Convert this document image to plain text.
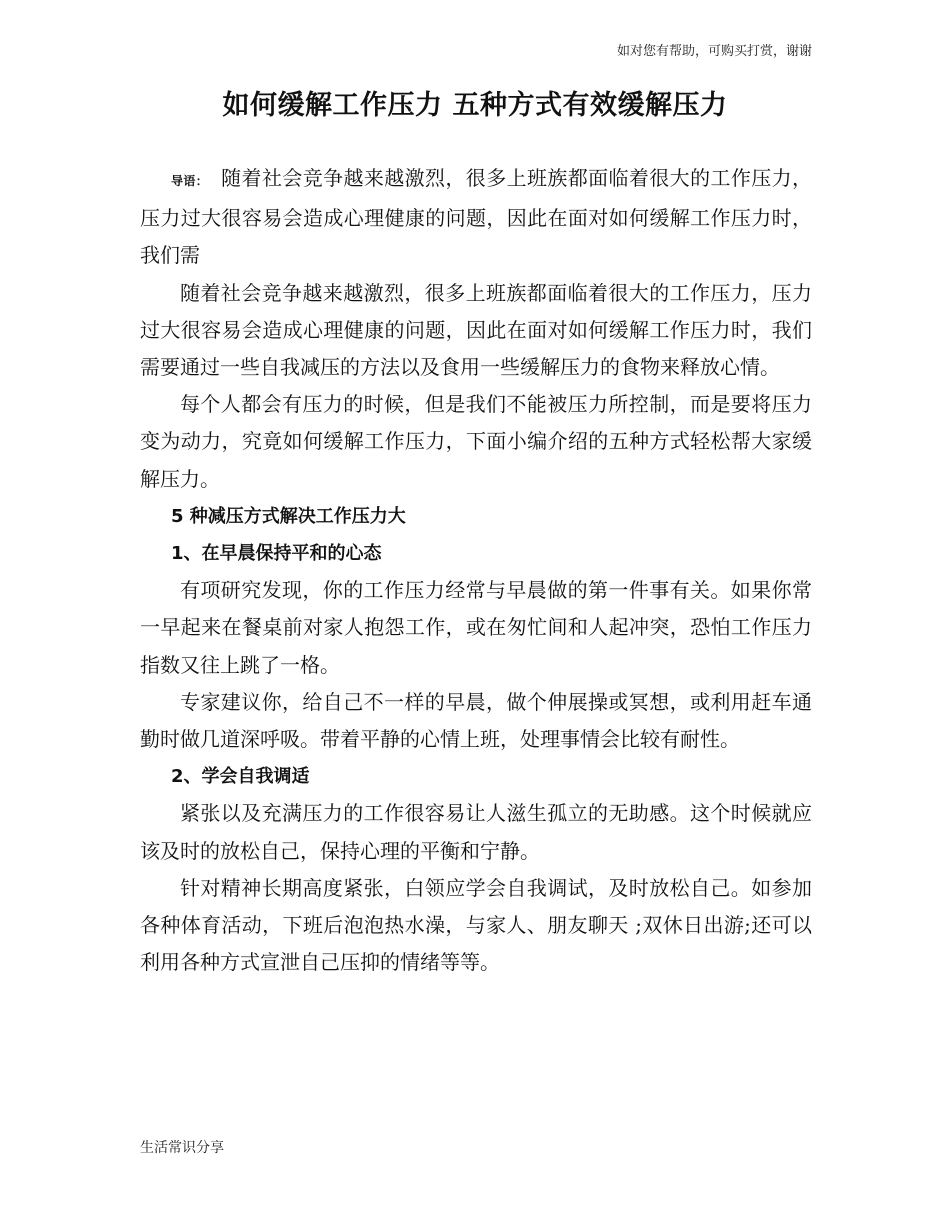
如对您有帮助，可购买打赏，谢谢
如何缓解工作压力 五种方式有效缓解压力

导语： 随着社会竞争越来越激烈，很多上班族都面临着很大的工作压力，压力过大很容易会造成心理健康的问题，因此在面对如何缓解工作压力时，我们需

随着社会竞争越来越激烈，很多上班族都面临着很大的工作压力，压力过大很容易会造成心理健康的问题，因此在面对如何缓解工作压力时，我们需要通过一些自我减压的方法以及食用一些缓解压力的食物来释放心情。

每个人都会有压力的时候，但是我们不能被压力所控制，而是要将压力变为动力，究竟如何缓解工作压力，下面小编介绍的五种方式轻松帮大家缓解压力。

5 种减压方式解决工作压力大

1、在早晨保持平和的心态

有项研究发现，你的工作压力经常与早晨做的第一件事有关。如果你常一早起来在餐桌前对家人抱怨工作，或在匆忙间和人起冲突，恐怕工作压力指数又往上跳了一格。

专家建议你，给自己不一样的早晨，做个伸展操或冥想，或利用赶车通勤时做几道深呼吸。带着平静的心情上班，处理事情会比较有耐性。

2、学会自我调适

紧张以及充满压力的工作很容易让人滋生孤立的无助感。这个时候就应该及时的放松自己，保持心理的平衡和宁静。

针对精神长期高度紧张，白领应学会自我调试，及时放松自己。如参加各种体育活动，下班后泡泡热水澡，与家人、朋友聊天 ;双休日出游;还可以利用各种方式宣泄自己压抑的情绪等等。

生活常识分享
